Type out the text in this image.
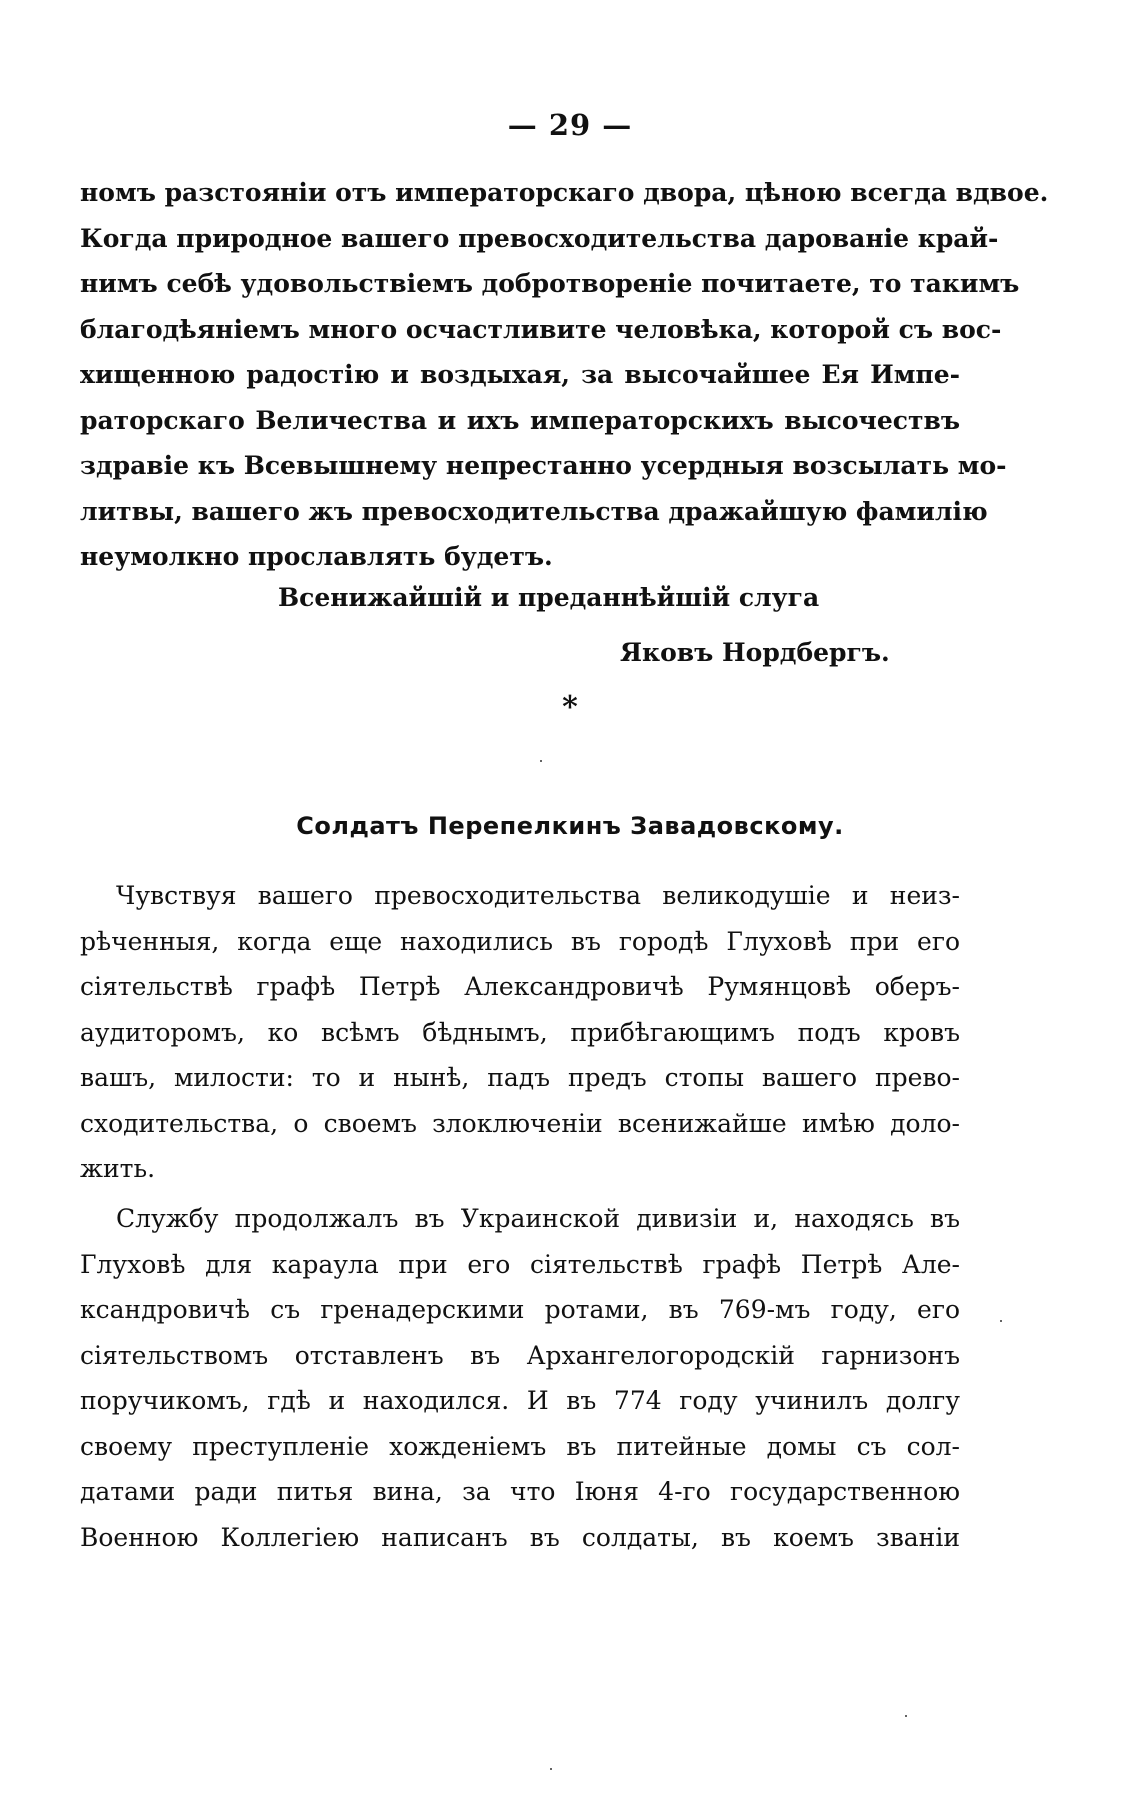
— 29 —
номъ разстояніи отъ императорскаго двора, цѣною всегда вдвое.
Когда природное вашего превосходительства дарованіе край-
нимъ себѣ удовольствіемъ добротвореніе почитаете, то такимъ
благодѣяніемъ много осчастливите человѣка, которой съ вос-
хищенною радостію и воздыхая, за высочайшее Ея Импе-
раторскаго Величества и ихъ императорскихъ высочествъ
здравіе къ Всевышнему непрестанно усердныя возсылать мо-
литвы, вашего жъ превосходительства дражайшую фамилію
неумолкно прославлять будетъ.
Всенижайшій и преданнѣйшій слуга
Яковъ Нордбергъ.
*
Солдатъ Перепелкинъ Завадовскому.
Чувствуя вашего превосходительства великодушіе и неиз-
рѣченныя, когда еще находились въ городѣ Глуховѣ при его
сіятельствѣ графѣ Петрѣ Александровичѣ Румянцовѣ оберъ-
аудиторомъ, ко всѣмъ бѣднымъ, прибѣгающимъ подъ кровъ
вашъ, милости: то и нынѣ, падъ предъ стопы вашего прево-
сходительства, о своемъ злоключеніи всенижайше имѣю доло-
жить.
Службу продолжалъ въ Украинской дивизіи и, находясь въ
Глуховѣ для караула при его сіятельствѣ графѣ Петрѣ Але-
ксандровичѣ съ гренадерскими ротами, въ 769-мъ году, его
сіятельствомъ отставленъ въ Архангелогородскій гарнизонъ
поручикомъ, гдѣ и находился. И въ 774 году учинилъ долгу
своему преступленіе хожденіемъ въ питейные домы съ сол-
датами ради питья вина, за что Іюня 4-го государственною
Военною Коллегіею написанъ въ солдаты, въ коемъ званіи
